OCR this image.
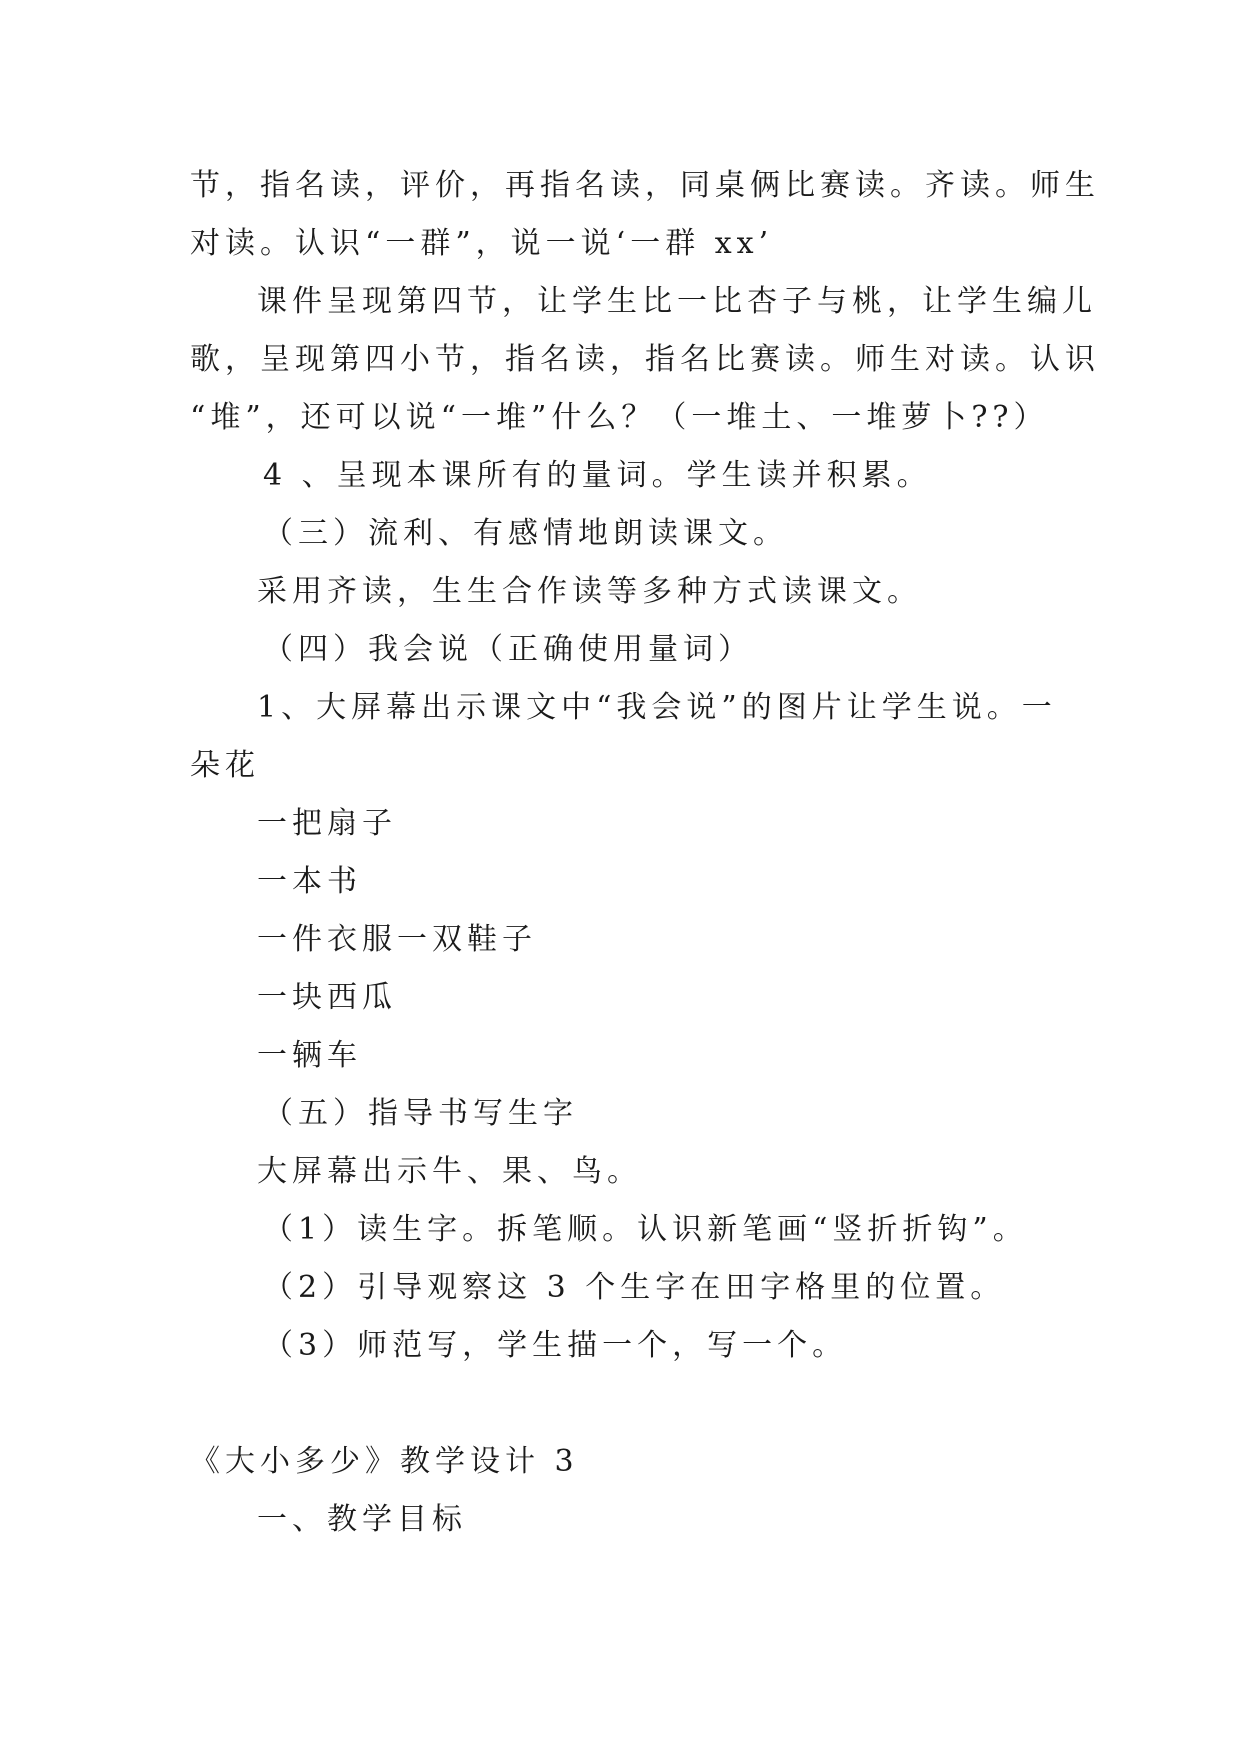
节，指名读，评价，再指名读，同桌俩比赛读。齐读。师生
对读。认识“一群”，说一说‘一群 xx’
课件呈现第四节，让学生比一比杏子与桃，让学生编儿
歌，呈现第四小节，指名读，指名比赛读。师生对读。认识
“堆”，还可以说“一堆”什么？（一堆土、一堆萝卜??）
4 、呈现本课所有的量词。学生读并积累。
（三）流利、有感情地朗读课文。
采用齐读，生生合作读等多种方式读课文。
（四）我会说（正确使用量词）
1、大屏幕出示课文中“我会说”的图片让学生说。一
朵花
一把扇子
一本书
一件衣服一双鞋子
一块西瓜
一辆车
（五）指导书写生字
大屏幕出示牛、果、鸟。
（1）读生字。拆笔顺。认识新笔画“竖折折钩”。
（2）引导观察这 3 个生字在田字格里的位置。
（3）师范写，学生描一个，写一个。
《大小多少》教学设计 3
一、教学目标
